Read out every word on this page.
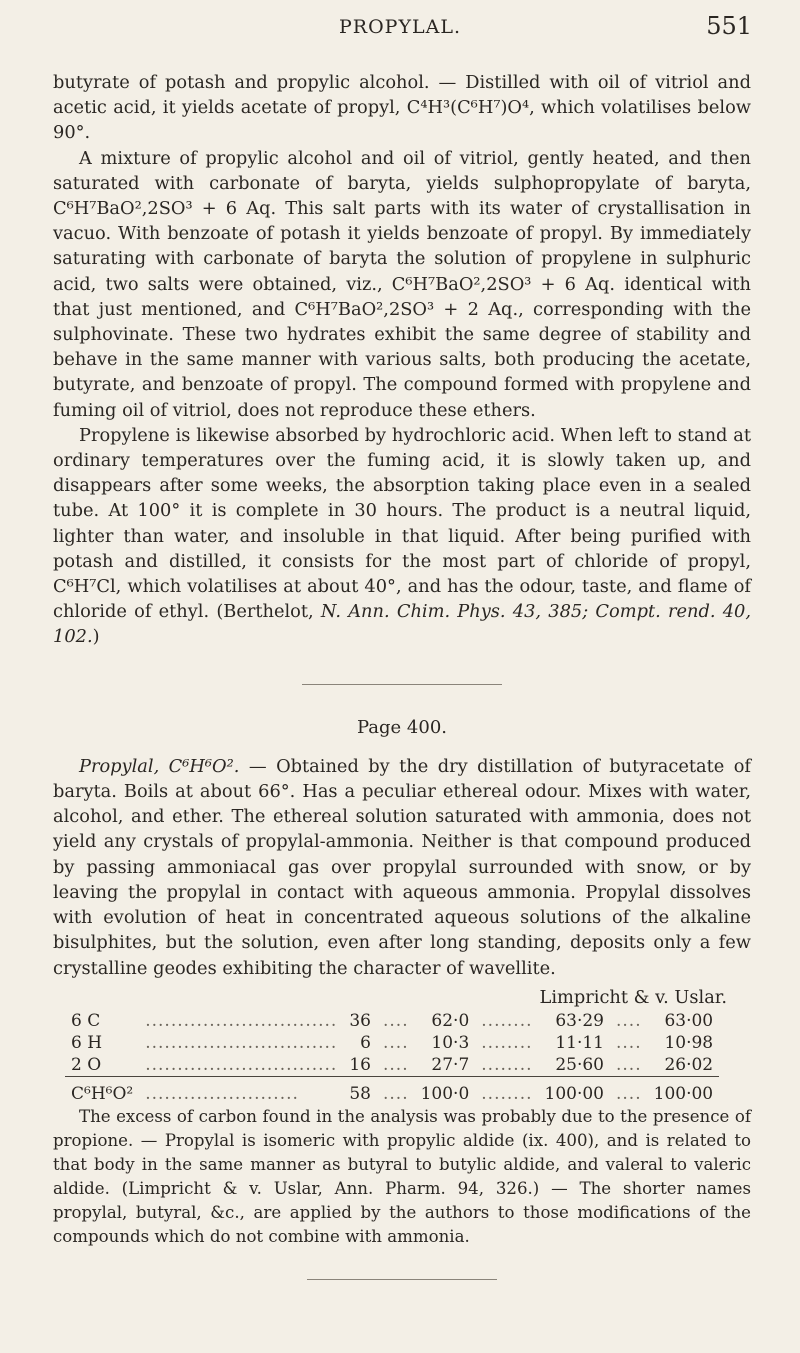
PROPYLAL.	551

butyrate of potash and propylic alcohol. — Distilled with oil of vitriol and acetic acid, it yields acetate of propyl, C⁴H³(C⁶H⁷)O⁴, which volatilises below 90°.

A mixture of propylic alcohol and oil of vitriol, gently heated, and then saturated with carbonate of baryta, yields sulphopropylate of baryta, C⁶H⁷BaO²,2SO³ + 6 Aq. This salt parts with its water of crystallisation in vacuo. With benzoate of potash it yields benzoate of propyl. By immediately saturating with carbonate of baryta the solution of propylene in sulphuric acid, two salts were obtained, viz., C⁶H⁷BaO²,2SO³ + 6 Aq. identical with that just mentioned, and C⁶H⁷BaO²,2SO³ + 2 Aq., corresponding with the sulphovinate. These two hydrates exhibit the same degree of stability and behave in the same manner with various salts, both producing the acetate, butyrate, and benzoate of propyl. The compound formed with propylene and fuming oil of vitriol, does not reproduce these ethers.

Propylene is likewise absorbed by hydrochloric acid. When left to stand at ordinary temperatures over the fuming acid, it is slowly taken up, and disappears after some weeks, the absorption taking place even in a sealed tube. At 100° it is complete in 30 hours. The product is a neutral liquid, lighter than water, and insoluble in that liquid. After being purified with potash and distilled, it consists for the most part of chloride of propyl, C⁶H⁷Cl, which volatilises at about 40°, and has the odour, taste, and flame of chloride of ethyl. (Berthelot, N. Ann. Chim. Phys. 43, 385; Compt. rend. 40, 102.)

Page 400.

Propylal, C⁶H⁶O². — Obtained by the dry distillation of butyracetate of baryta. Boils at about 66°. Has a peculiar ethereal odour. Mixes with water, alcohol, and ether. The ethereal solution saturated with ammonia, does not yield any crystals of propylal-ammonia. Neither is that compound produced by passing ammoniacal gas over propylal surrounded with snow, or by leaving the propylal in contact with aqueous ammonia. Propylal dissolves with evolution of heat in concentrated aqueous solutions of the alkaline bisulphites, but the solution, even after long standing, deposits only a few crystalline geodes exhibiting the character of wavellite.

Limpricht & v. Uslar.
6 C	..............................	36	....	62·0	........	63·29	....	63·00
6 H	..............................	6	....	10·3	........	11·11	....	10·98
2 O	..............................	16	....	27·7	........	25·60	....	26·02
C⁶H⁶O²	........................	58	....	100·0	........	100·00	....	100·00

The excess of carbon found in the analysis was probably due to the presence of propione. — Propylal is isomeric with propylic aldide (ix. 400), and is related to that body in the same manner as butyral to butylic aldide, and valeral to valeric aldide. (Limpricht & v. Uslar, Ann. Pharm. 94, 326.) — The shorter names propylal, butyral, &c., are applied by the authors to those modifications of the compounds which do not combine with ammonia.
